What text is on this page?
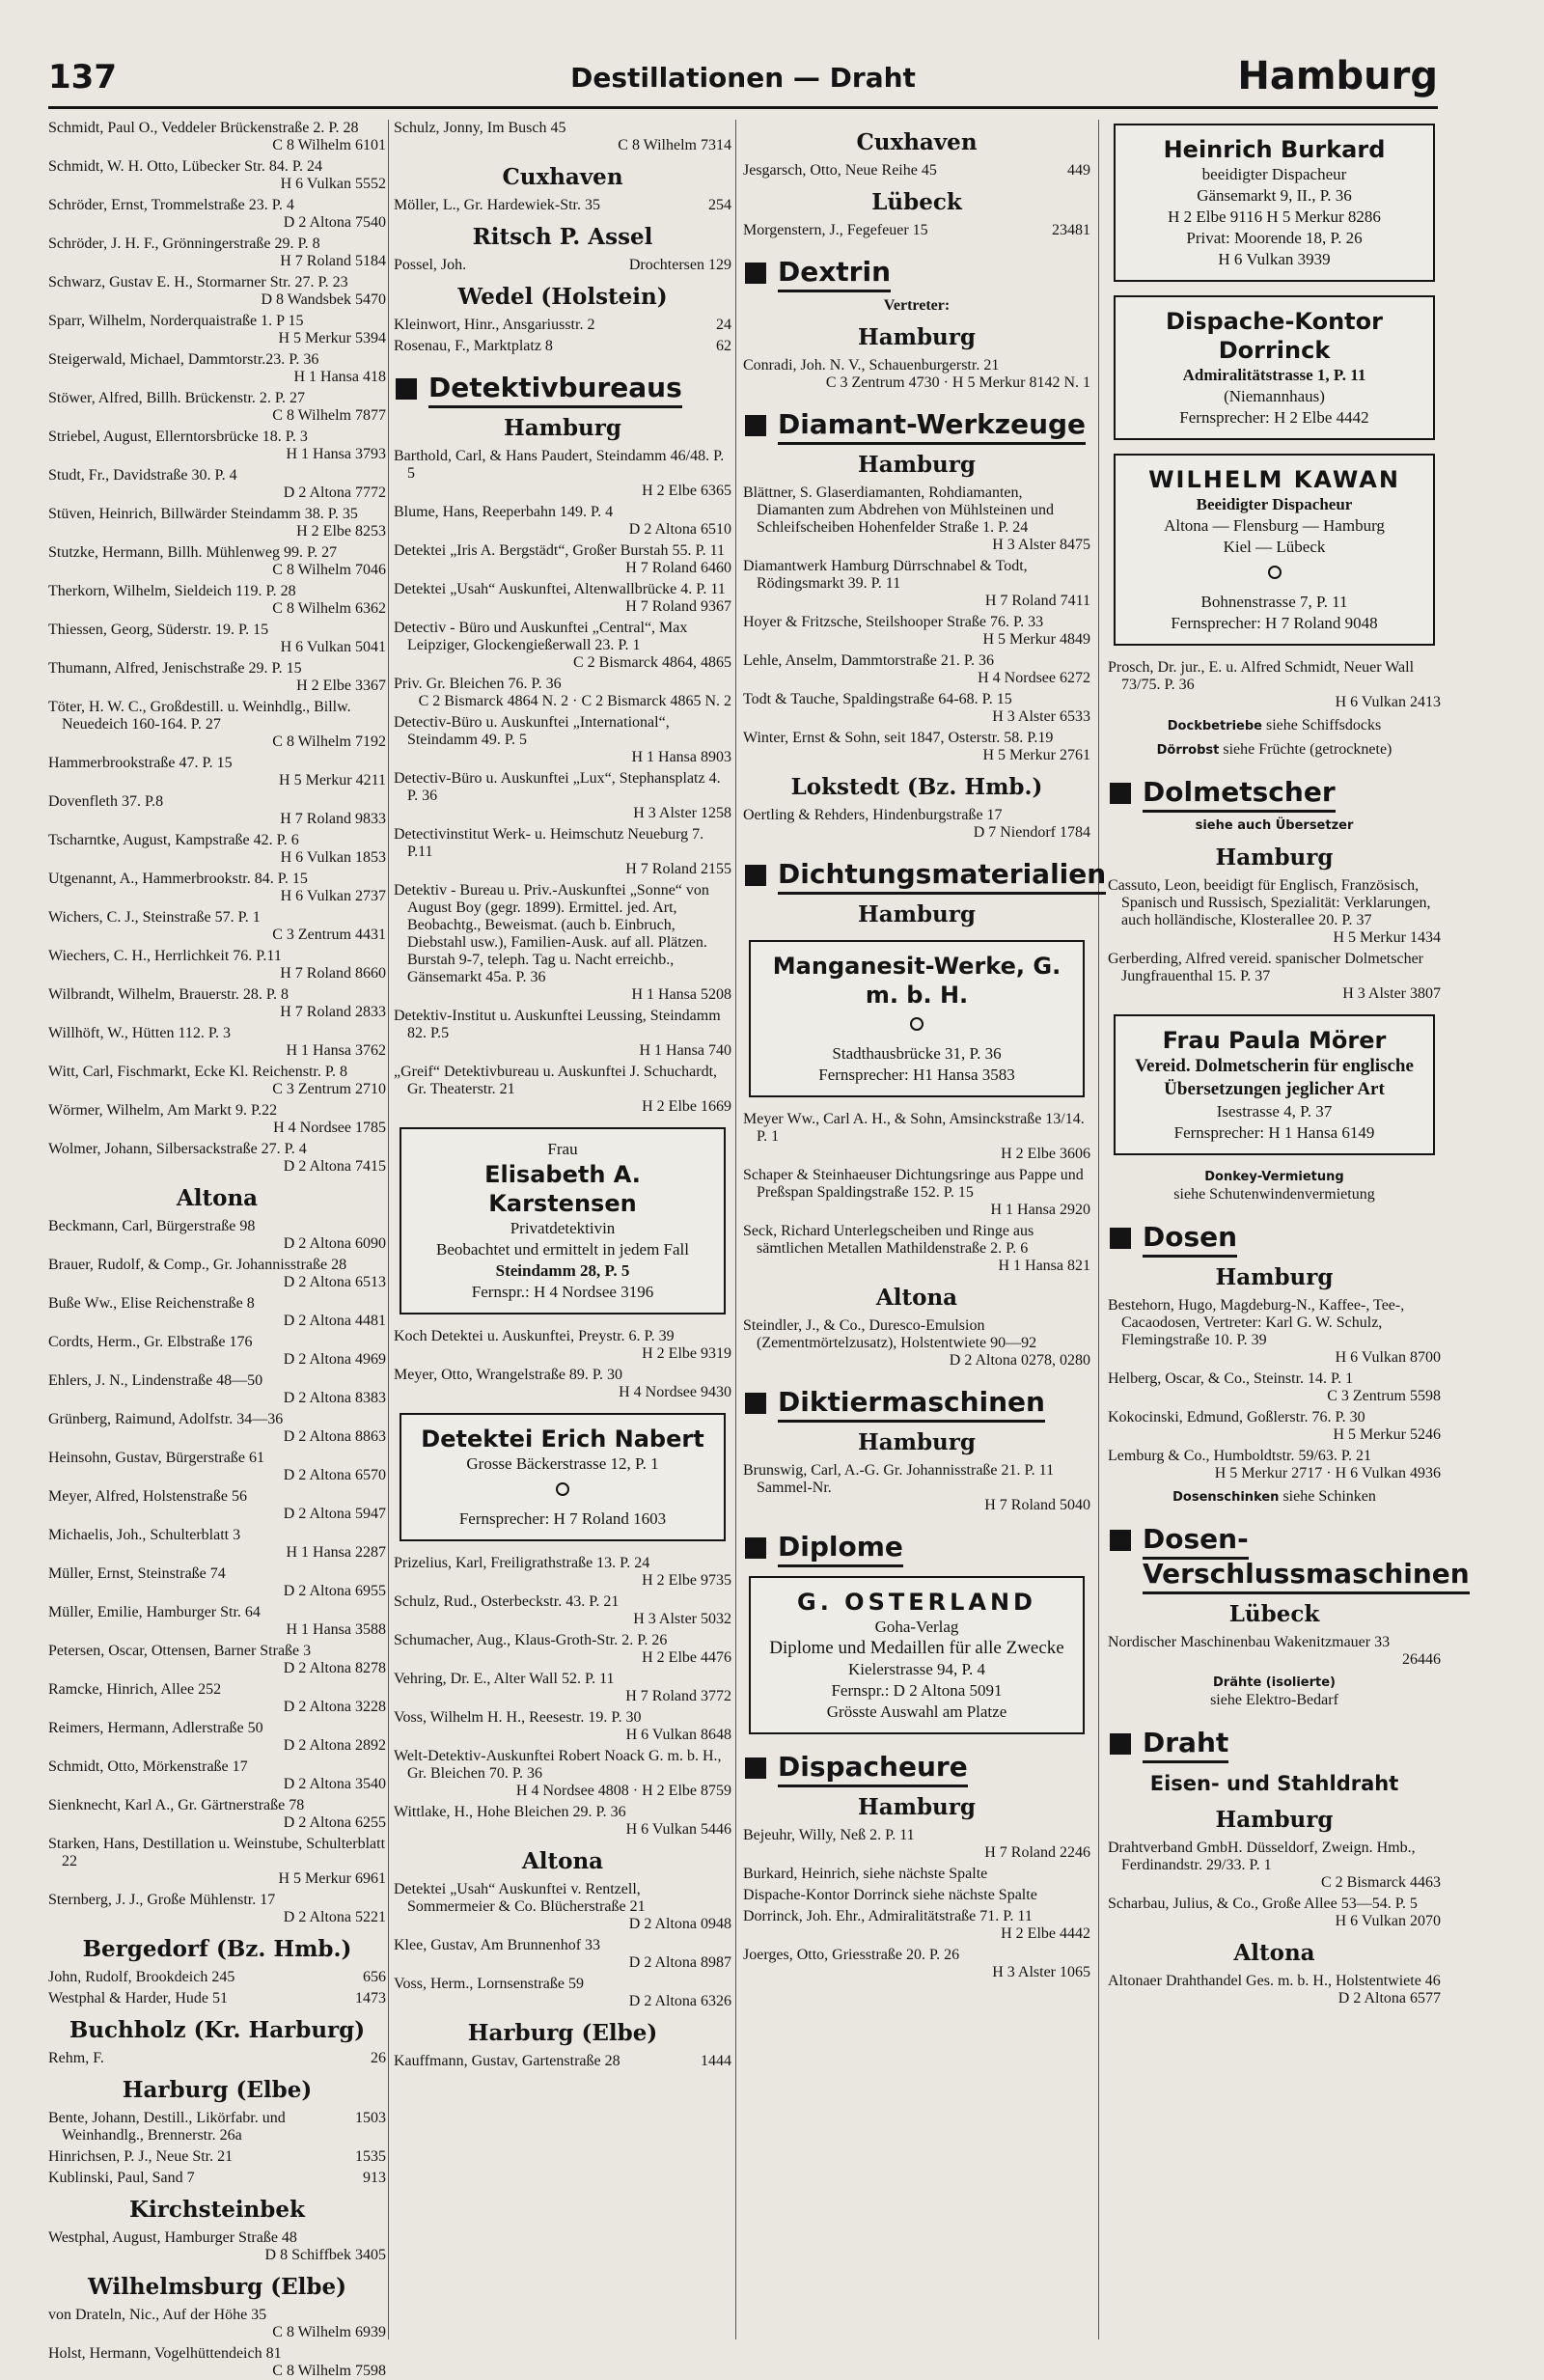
137	Destillationen — Draht	Hamburg
Schmidt, Paul O., Veddeler Brückenstraße 2. P. 28
C 8 Wilhelm 6101
Schmidt, W. H. Otto, Lübecker Str. 84. P. 24
H 6 Vulkan 5552
Schröder, Ernst, Trommelstraße 23. P. 4
D 2 Altona 7540
Schröder, J. H. F., Grönningerstraße 29. P. 8
H 7 Roland 5184
Schwarz, Gustav E. H., Stormarner Str. 27. P. 23
D 8 Wandsbek 5470
Sparr, Wilhelm, Norderquaistraße 1. P 15
H 5 Merkur 5394
Steigerwald, Michael, Dammtorstr.23. P. 36
H 1 Hansa 418
Stöwer, Alfred, Billh. Brückenstr. 2. P. 27
C 8 Wilhelm 7877
Striebel, August, Ellerntorsbrücke 18. P. 3
H 1 Hansa 3793
Studt, Fr., Davidstraße 30. P. 4
D 2 Altona 7772
Stüven, Heinrich, Billwärder Steindamm 38. P. 35
H 2 Elbe 8253
Stutzke, Hermann, Billh. Mühlenweg 99. P. 27
C 8 Wilhelm 7046
Therkorn, Wilhelm, Sieldeich 119. P. 28
C 8 Wilhelm 6362
Thiessen, Georg, Süderstr. 19. P. 15
H 6 Vulkan 5041
Thumann, Alfred, Jenischstraße 29. P. 15
H 2 Elbe 3367
Töter, H. W. C., Großdestill. u. Weinhdlg., Billw. Neuedeich 160-164. P. 27
C 8 Wilhelm 7192
Hammerbrookstraße 47. P. 15
H 5 Merkur 4211
Dovenfleth 37. P.8
H 7 Roland 9833
Tscharntke, August, Kampstraße 42. P. 6
H 6 Vulkan 1853
Utgenannt, A., Hammerbrookstr. 84. P. 15
H 6 Vulkan 2737
Wichers, C. J., Steinstraße 57. P. 1
C 3 Zentrum 4431
Wiechers, C. H., Herrlichkeit 76. P.11
H 7 Roland 8660
Wilbrandt, Wilhelm, Brauerstr. 28. P. 8
H 7 Roland 2833
Willhöft, W., Hütten 112. P. 3
H 1 Hansa 3762
Witt, Carl, Fischmarkt, Ecke Kl. Reichenstr. P. 8
C 3 Zentrum 2710
Wörmer, Wilhelm, Am Markt 9. P.22
H 4 Nordsee 1785
Wolmer, Johann, Silbersackstraße 27. P. 4
D 2 Altona 7415
Altona
Beckmann, Carl, Bürgerstraße 98
D 2 Altona 6090
Brauer, Rudolf, & Comp., Gr. Johannisstraße 28
D 2 Altona 6513
Buße Ww., Elise Reichenstraße 8
D 2 Altona 4481
Cordts, Herm., Gr. Elbstraße 176
D 2 Altona 4969
Ehlers, J. N., Lindenstraße 48—50
D 2 Altona 8383
Grünberg, Raimund, Adolfstr. 34—36
D 2 Altona 8863
Heinsohn, Gustav, Bürgerstraße 61
D 2 Altona 6570
Meyer, Alfred, Holstenstraße 56
D 2 Altona 5947
Michaelis, Joh., Schulterblatt 3
H 1 Hansa 2287
Müller, Ernst, Steinstraße 74
D 2 Altona 6955
Müller, Emilie, Hamburger Str. 64
H 1 Hansa 3588
Petersen, Oscar, Ottensen, Barner Straße 3
D 2 Altona 8278
Ramcke, Hinrich, Allee 252
D 2 Altona 3228
Reimers, Hermann, Adlerstraße 50
D 2 Altona 2892
Schmidt, Otto, Mörkenstraße 17
D 2 Altona 3540
Sienknecht, Karl A., Gr. Gärtnerstraße 78
D 2 Altona 6255
Starken, Hans, Destillation u. Weinstube, Schulterblatt 22
H 5 Merkur 6961
Sternberg, J. J., Große Mühlenstr. 17
D 2 Altona 5221
Bergedorf (Bz. Hmb.)
656
John, Rudolf, Brookdeich 245
1473
Westphal & Harder, Hude 51
Buchholz (Kr. Harburg)
26
Rehm, F.
Harburg (Elbe)
1503
Bente, Johann, Destill., Likörfabr. und Weinhandlg., Brennerstr. 26a
1535
Hinrichsen, P. J., Neue Str. 21
913
Kublinski, Paul, Sand 7
Kirchsteinbek
Westphal, August, Hamburger Straße 48
D 8 Schiffbek 3405
Wilhelmsburg (Elbe)
von Drateln, Nic., Auf der Höhe 35
C 8 Wilhelm 6939
Holst, Hermann, Vogelhüttendeich 81
C 8 Wilhelm 7598
Schulz, Jonny, Im Busch 45
C 8 Wilhelm 7314
Cuxhaven
254
Möller, L., Gr. Hardewiek-Str. 35
Ritsch P. Assel
Drochtersen 129
Possel, Joh.
Wedel (Holstein)
24
Kleinwort, Hinr., Ansgariusstr. 2
62
Rosenau, F., Marktplatz 8
Detektivbureaus
Hamburg
Barthold, Carl, & Hans Paudert, Steindamm 46/48. P. 5
H 2 Elbe 6365
Blume, Hans, Reeperbahn 149. P. 4
D 2 Altona 6510
Detektei „Iris A. Bergstädt“, Großer Burstah 55. P. 11
H 7 Roland 6460
Detektei „Usah“ Auskunftei, Altenwallbrücke 4. P. 11
H 7 Roland 9367
Detectiv - Büro und Auskunftei „Central“, Max Leipziger, Glockengießerwall 23. P. 1
C 2 Bismarck 4864, 4865
Priv. Gr. Bleichen 76. P. 36
C 2 Bismarck 4864 N. 2 · C 2 Bismarck 4865 N. 2
Detectiv-Büro u. Auskunftei „International“, Steindamm 49. P. 5
H 1 Hansa 8903
Detectiv-Büro u. Auskunftei „Lux“, Stephansplatz 4. P. 36
H 3 Alster 1258
Detectivinstitut Werk- u. Heimschutz Neueburg 7. P.11
H 7 Roland 2155
Detektiv - Bureau u. Priv.-Auskunftei „Sonne“ von August Boy (gegr. 1899). Ermittel. jed. Art, Beobachtg., Beweismat. (auch b. Einbruch, Diebstahl usw.), Familien-Ausk. auf all. Plätzen. Burstah 9-7, teleph. Tag u. Nacht erreichb., Gänsemarkt 45a. P. 36
H 1 Hansa 5208
Detektiv-Institut u. Auskunftei Leussing, Steindamm 82. P.5
H 1 Hansa 740
„Greif“ Detektivbureau u. Auskunftei J. Schuchardt, Gr. Theaterstr. 21
H 2 Elbe 1669
Frau
Elisabeth A. Karstensen
Privatdetektivin
Beobachtet und ermittelt in jedem Fall
Steindamm 28, P. 5
Fernspr.: H 4 Nordsee 3196
Koch Detektei u. Auskunftei, Preystr. 6. P. 39
H 2 Elbe 9319
Meyer, Otto, Wrangelstraße 89. P. 30
H 4 Nordsee 9430
Detektei Erich Nabert
Grosse Bäckerstrasse 12, P. 1
Fernsprecher: H 7 Roland 1603
Prizelius, Karl, Freiligrathstraße 13. P. 24
H 2 Elbe 9735
Schulz, Rud., Osterbeckstr. 43. P. 21
H 3 Alster 5032
Schumacher, Aug., Klaus-Groth-Str. 2. P. 26
H 2 Elbe 4476
Vehring, Dr. E., Alter Wall 52. P. 11
H 7 Roland 3772
Voss, Wilhelm H. H., Reesestr. 19. P. 30
H 6 Vulkan 8648
Welt-Detektiv-Auskunftei Robert Noack G. m. b. H., Gr. Bleichen 70. P. 36
H 4 Nordsee 4808 · H 2 Elbe 8759
Wittlake, H., Hohe Bleichen 29. P. 36
H 6 Vulkan 5446
Altona
Detektei „Usah“ Auskunftei v. Rentzell, Sommermeier & Co. Blücherstraße 21
D 2 Altona 0948
Klee, Gustav, Am Brunnenhof 33
D 2 Altona 8987
Voss, Herm., Lornsenstraße 59
D 2 Altona 6326
Harburg (Elbe)
1444
Kauffmann, Gustav, Gartenstraße 28
Cuxhaven
449
Jesgarsch, Otto, Neue Reihe 45
Lübeck
23481
Morgenstern, J., Fegefeuer 15
Dextrin
Vertreter:
Hamburg
Conradi, Joh. N. V., Schauenburgerstr. 21
C 3 Zentrum 4730 · H 5 Merkur 8142 N. 1
Diamant-Werkzeuge
Hamburg
Blättner, S. Glaserdiamanten, Rohdiamanten, Diamanten zum Abdrehen von Mühlsteinen und Schleifscheiben Hohenfelder Straße 1. P. 24
H 3 Alster 8475
Diamantwerk Hamburg Dürrschnabel & Todt, Rödingsmarkt 39. P. 11
H 7 Roland 7411
Hoyer & Fritzsche, Steilshooper Straße 76. P. 33
H 5 Merkur 4849
Lehle, Anselm, Dammtorstraße 21. P. 36
H 4 Nordsee 6272
Todt & Tauche, Spaldingstraße 64-68. P. 15
H 3 Alster 6533
Winter, Ernst & Sohn, seit 1847, Osterstr. 58. P.19
H 5 Merkur 2761
Lokstedt (Bz. Hmb.)
Oertling & Rehders, Hindenburgstraße 17
D 7 Niendorf 1784
Dichtungsmaterialien
Hamburg
Manganesit-Werke, G. m. b. H.
Stadthausbrücke 31, P. 36
Fernsprecher: H1 Hansa 3583
Meyer Ww., Carl A. H., & Sohn, Amsinckstraße 13/14. P. 1
H 2 Elbe 3606
Schaper & Steinhaeuser Dichtungsringe aus Pappe und Preßspan Spaldingstraße 152. P. 15
H 1 Hansa 2920
Seck, Richard Unterlegscheiben und Ringe aus sämtlichen Metallen Mathildenstraße 2. P. 6
H 1 Hansa 821
Altona
Steindler, J., & Co., Duresco-Emulsion (Zementmörtelzusatz), Holstentwiete 90—92
D 2 Altona 0278, 0280
Diktiermaschinen
Hamburg
Brunswig, Carl, A.-G. Gr. Johannisstraße 21. P. 11 Sammel-Nr.
H 7 Roland 5040
Diplome
G. OSTERLAND
Goha-Verlag
Diplome und Medaillen für alle Zwecke
Kielerstrasse 94, P. 4
Fernspr.: D 2 Altona 5091
Grösste Auswahl am Platze
Dispacheure
Hamburg
Bejeuhr, Willy, Neß 2. P. 11
H 7 Roland 2246
Burkard, Heinrich, siehe nächste Spalte
Dispache-Kontor Dorrinck siehe nächste Spalte
Dorrinck, Joh. Ehr., Admiralitätstraße 71. P. 11
H 2 Elbe 4442
Joerges, Otto, Griesstraße 20. P. 26
H 3 Alster 1065
Heinrich Burkard
beeidigter Dispacheur
Gänsemarkt 9, II., P. 36
H 2 Elbe 9116 H 5 Merkur 8286
Privat: Moorende 18, P. 26
H 6 Vulkan 3939
Dispache-Kontor
Dorrinck
Admiralitätstrasse 1, P. 11
(Niemannhaus)
Fernsprecher: H 2 Elbe 4442
WILHELM KAWAN
Beeidigter Dispacheur
Altona — Flensburg — Hamburg
Kiel — Lübeck
Bohnenstrasse 7, P. 11
Fernsprecher: H 7 Roland 9048
Prosch, Dr. jur., E. u. Alfred Schmidt, Neuer Wall 73/75. P. 36
H 6 Vulkan 2413
Dockbetriebe siehe Schiffsdocks
Dörrobst siehe Früchte (getrocknete)
Dolmetscher
siehe auch Übersetzer
Hamburg
Cassuto, Leon, beeidigt für Englisch, Französisch, Spanisch und Russisch, Spezialität: Verklarungen, auch holländische, Klosterallee 20. P. 37
H 5 Merkur 1434
Gerberding, Alfred vereid. spanischer Dolmetscher Jungfrauenthal 15. P. 37
H 3 Alster 3807
Frau Paula Mörer
Vereid. Dolmetscherin für englische Übersetzungen jeglicher Art
Isestrasse 4, P. 37
Fernsprecher: H 1 Hansa 6149
Donkey-Vermietung
siehe Schutenwindenvermietung
Dosen
Hamburg
Bestehorn, Hugo, Magdeburg-N., Kaffee-, Tee-, Cacaodosen, Vertreter: Karl G. W. Schulz, Flemingstraße 10. P. 39
H 6 Vulkan 8700
Helberg, Oscar, & Co., Steinstr. 14. P. 1
C 3 Zentrum 5598
Kokocinski, Edmund, Goßlerstr. 76. P. 30
H 5 Merkur 5246
Lemburg & Co., Humboldtstr. 59/63. P. 21
H 5 Merkur 2717 · H 6 Vulkan 4936
Dosenschinken siehe Schinken
Dosen-Verschlussmaschinen
Lübeck
Nordischer Maschinenbau Wakenitzmauer 33
26446
Drähte (isolierte)
siehe Elektro-Bedarf
Draht
Eisen- und Stahldraht
Hamburg
Drahtverband GmbH. Düsseldorf, Zweign. Hmb., Ferdinandstr. 29/33. P. 1
C 2 Bismarck 4463
Scharbau, Julius, & Co., Große Allee 53—54. P. 5
H 6 Vulkan 2070
Altona
Altonaer Drahthandel Ges. m. b. H., Holstentwiete 46
D 2 Altona 6577
